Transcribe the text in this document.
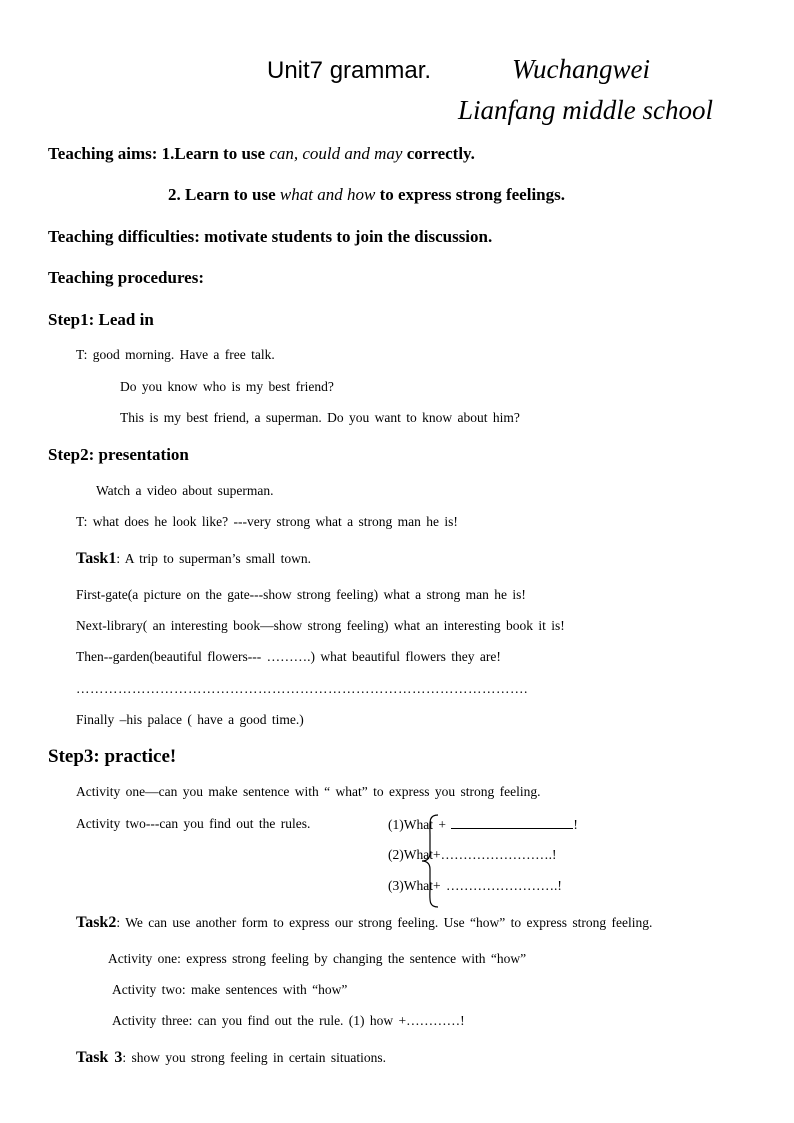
Unit7 grammar.	Wuchangwei
Lianfang middle school
Teaching aims: 1.Learn to use can, could and may correctly.
2. Learn to use what and how to express strong feelings.
Teaching difficulties: motivate students to join the discussion.
Teaching procedures:
Step1: Lead in
T: good morning. Have a free talk.
Do you know who is my best friend?
This is my best friend, a superman. Do you want to know about him?
Step2: presentation
Watch a video about superman.
T: what does he look like? ---very strong what a strong man he is!
Task1: A trip to superman’s small town.
First-gate(a picture on the gate---show strong feeling) what a strong man he is!
Next-library( an interesting book—show strong feeling) what an interesting book it is!
Then--garden(beautiful flowers--- ……….) what beautiful flowers they are!
…………………………………………………………………………………….
Finally –his palace ( have a good time.)
Step3: practice!
Activity one—can you make sentence with “ what” to express you strong feeling.
Activity two---can you find out the rules.	(1)What +	!
(2)What+…………………….!
(3)What+ …………………….!
Task2: We can use another form to express our strong feeling. Use “how” to express strong feeling.
Activity one: express strong feeling by changing the sentence with “how”
Activity two: make sentences with “how”
Activity three: can you find out the rule. (1) how +…………!
Task 3: show you strong feeling in certain situations.
